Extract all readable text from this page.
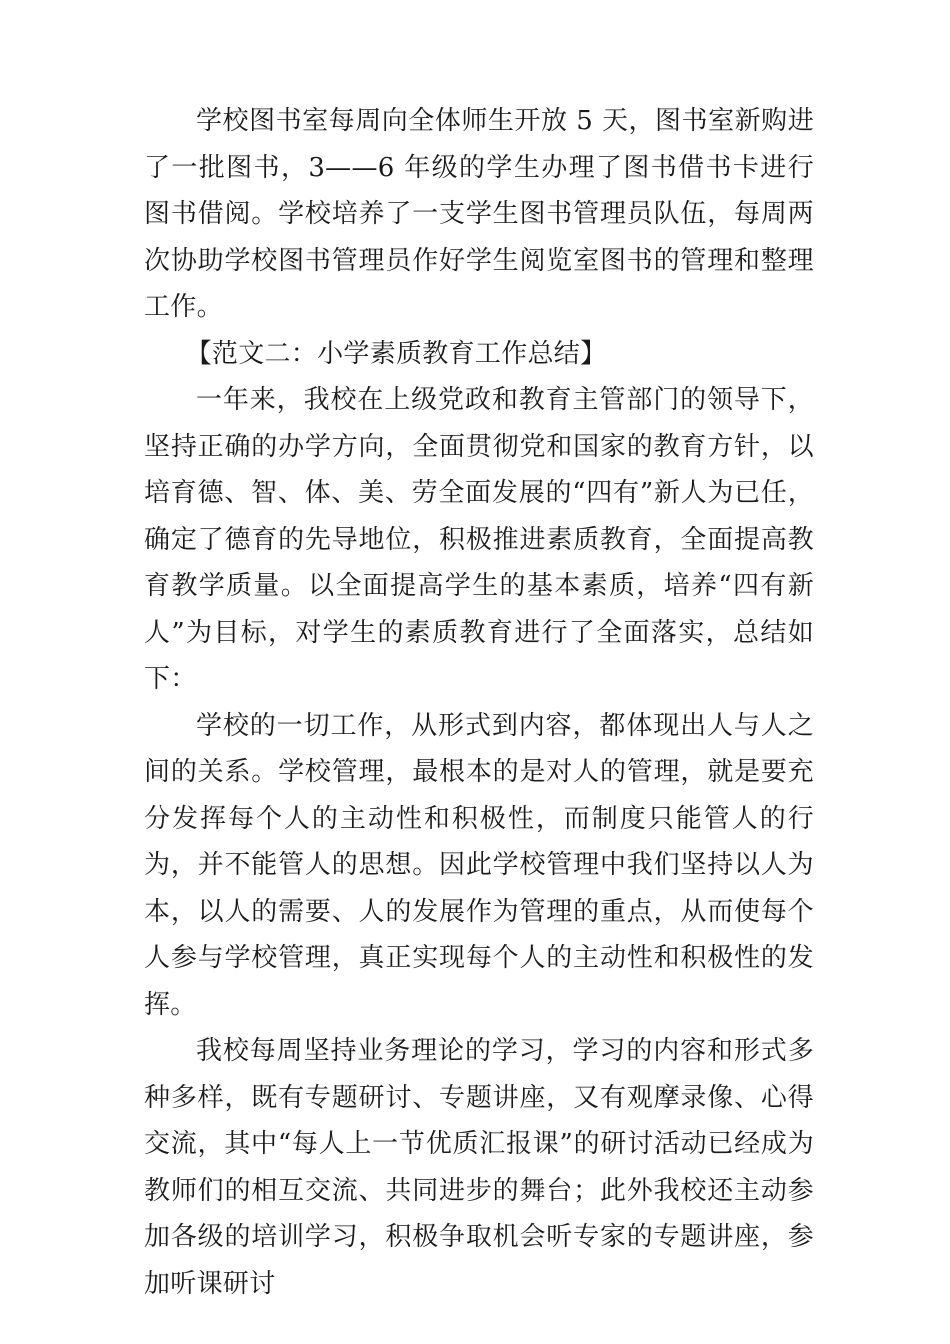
学校图书室每周向全体师生开放 5 天，图书室新购进了一批图书，3——6 年级的学生办理了图书借书卡进行图书借阅。学校培养了一支学生图书管理员队伍，每周两次协助学校图书管理员作好学生阅览室图书的管理和整理工作。

【范文二：小学素质教育工作总结】

一年来，我校在上级党政和教育主管部门的领导下，坚持正确的办学方向，全面贯彻党和国家的教育方针，以培育德、智、体、美、劳全面发展的“四有”新人为已任，确定了德育的先导地位，积极推进素质教育，全面提高教育教学质量。以全面提高学生的基本素质，培养“四有新人”为目标，对学生的素质教育进行了全面落实，总结如下：

学校的一切工作，从形式到内容，都体现出人与人之间的关系。学校管理，最根本的是对人的管理，就是要充分发挥每个人的主动性和积极性，而制度只能管人的行为，并不能管人的思想。因此学校管理中我们坚持以人为本，以人的需要、人的发展作为管理的重点，从而使每个人参与学校管理，真正实现每个人的主动性和积极性的发挥。

我校每周坚持业务理论的学习，学习的内容和形式多种多样，既有专题研讨、专题讲座，又有观摩录像、心得交流，其中“每人上一节优质汇报课”的研讨活动已经成为教师们的相互交流、共同进步的舞台；此外我校还主动参加各级的培训学习，积极争取机会听专家的专题讲座，参加听课研讨
